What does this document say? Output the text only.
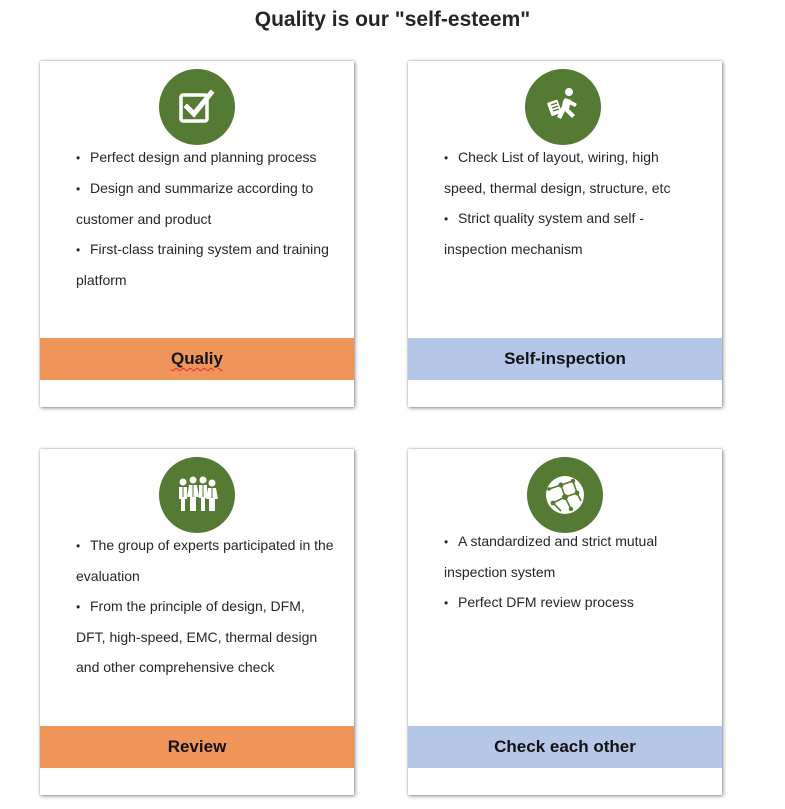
Quality is our "self-esteem"
• Perfect design and planning process
• Design and summarize according to customer and product
• First-class training system and training platform
Qualiy
• Check List of layout, wiring, high speed, thermal design, structure, etc
• Strict quality system and self - inspection mechanism
Self-inspection
• The group of experts participated in the evaluation
• From the principle of design, DFM, DFT, high-speed, EMC, thermal design and other comprehensive check
Review
• A standardized and strict mutual inspection system
• Perfect DFM review process
Check each other
